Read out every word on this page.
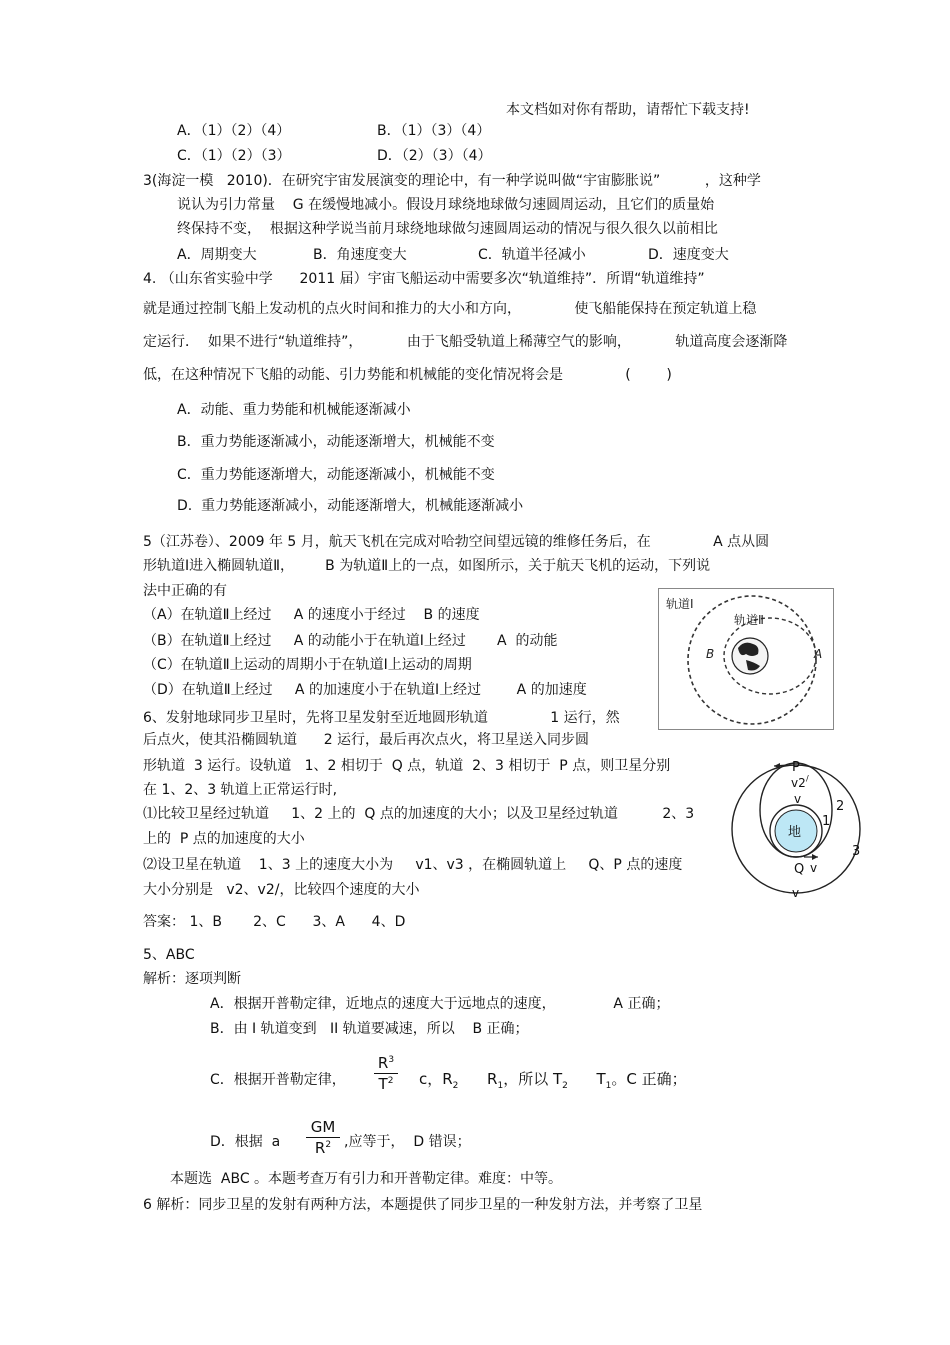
本文档如对你有帮助，请帮忙下载支持!
A．（1）（2）（4）	B．（1）（3）（4）
C．（1）（2）（3）	D．（2）（3）（4）
3(海淀一模   2010)．在研究宇宙发展演变的理论中，有一种学说叫做“宇宙膨胀说”          ，这种学
说认为引力常量    G 在缓慢地减小。假设月球绕地球做匀速圆周运动，且它们的质量始
终保持不变，  根据这种学说当前月球绕地球做匀速圆周运动的情况与很久很久以前相比
A．周期变大	B．角速度变大	C．轨道半径减小	D．速度变大
4. （山东省实验中学      2011 届）宇宙飞船运动中需要多次“轨道维持”．所谓“轨道维持”
就是通过控制飞船上发动机的点火时间和推力的大小和方向，            使飞船能保持在预定轨道上稳
定运行．  如果不进行“轨道维持”，          由于飞船受轨道上稀薄空气的影响，          轨道高度会逐渐降
低，在这种情况下飞船的动能、引力势能和机械能的变化情况将会是              (        )
A．动能、重力势能和机械能逐渐减小
B．重力势能逐渐减小，动能逐渐增大，机械能不变
C．重力势能逐渐增大，动能逐渐减小，机械能不变
D.  重力势能逐渐减小，动能逐渐增大，机械能逐渐减小
5（江苏卷）、2009 年 5 月，航天飞机在完成对哈勃空间望远镜的维修任务后，在              A 点从圆
形轨道Ⅰ进入椭圆轨道Ⅱ，       B 为轨道Ⅱ上的一点，如图所示，关于航天飞机的运动，下列说
法中正确的有
（A）在轨道Ⅱ上经过     A 的速度小于经过    B 的速度
（B）在轨道Ⅱ上经过     A 的动能小于在轨道Ⅰ上经过       A  的动能
（C）在轨道Ⅱ上运动的周期小于在轨道Ⅰ上运动的周期
（D）在轨道Ⅱ上经过     A 的加速度小于在轨道Ⅰ上经过        A 的加速度
轨道Ⅰ
轨道Ⅱ
B	A
6、发射地球同步卫星时，先将卫星发射至近地圆形轨道              1 运行，然
后点火，使其沿椭圆轨道      2 运行，最后再次点火，将卫星送入同步圆
形轨道  3 运行。设轨道   1、2 相切于  Q 点，轨道  2、3 相切于  P 点，则卫星分别
在 1、2、3 轨道上正常运行时,
⑴比较卫星经过轨道     1、2 上的  Q 点的加速度的大小；以及卫星经过轨道          2、3
上的  P 点的加速度的大小
⑵设卫星在轨道    1、3 上的速度大小为     v1、v3 ，在椭圆轨道上     Q、P 点的速度
大小分别是   v2、v2/，比较四个速度的大小
地
P
v2 /
v	2
1
3
Q v
v
答案： 1、B       2、C      3、A      4、D
5、ABC
解析：逐项判断
A．根据开普勒定律，近地点的速度大于远地点的速度，             A 正确；
B．由 I 轨道变到   II 轨道要减速，所以    B 正确；
C．根据开普勒定律，
$R^3$
$T^2$	c，$R_2$ $R_1$，所以 $T_2$ $T_1$。C 正确；
D．根据  a
GM
$R^2$ ,应等于，  D 错误；
本题选  ABC 。本题考查万有引力和开普勒定律。难度：中等。
6 解析：同步卫星的发射有两种方法，本题提供了同步卫星的一种发射方法，并考察了卫星
